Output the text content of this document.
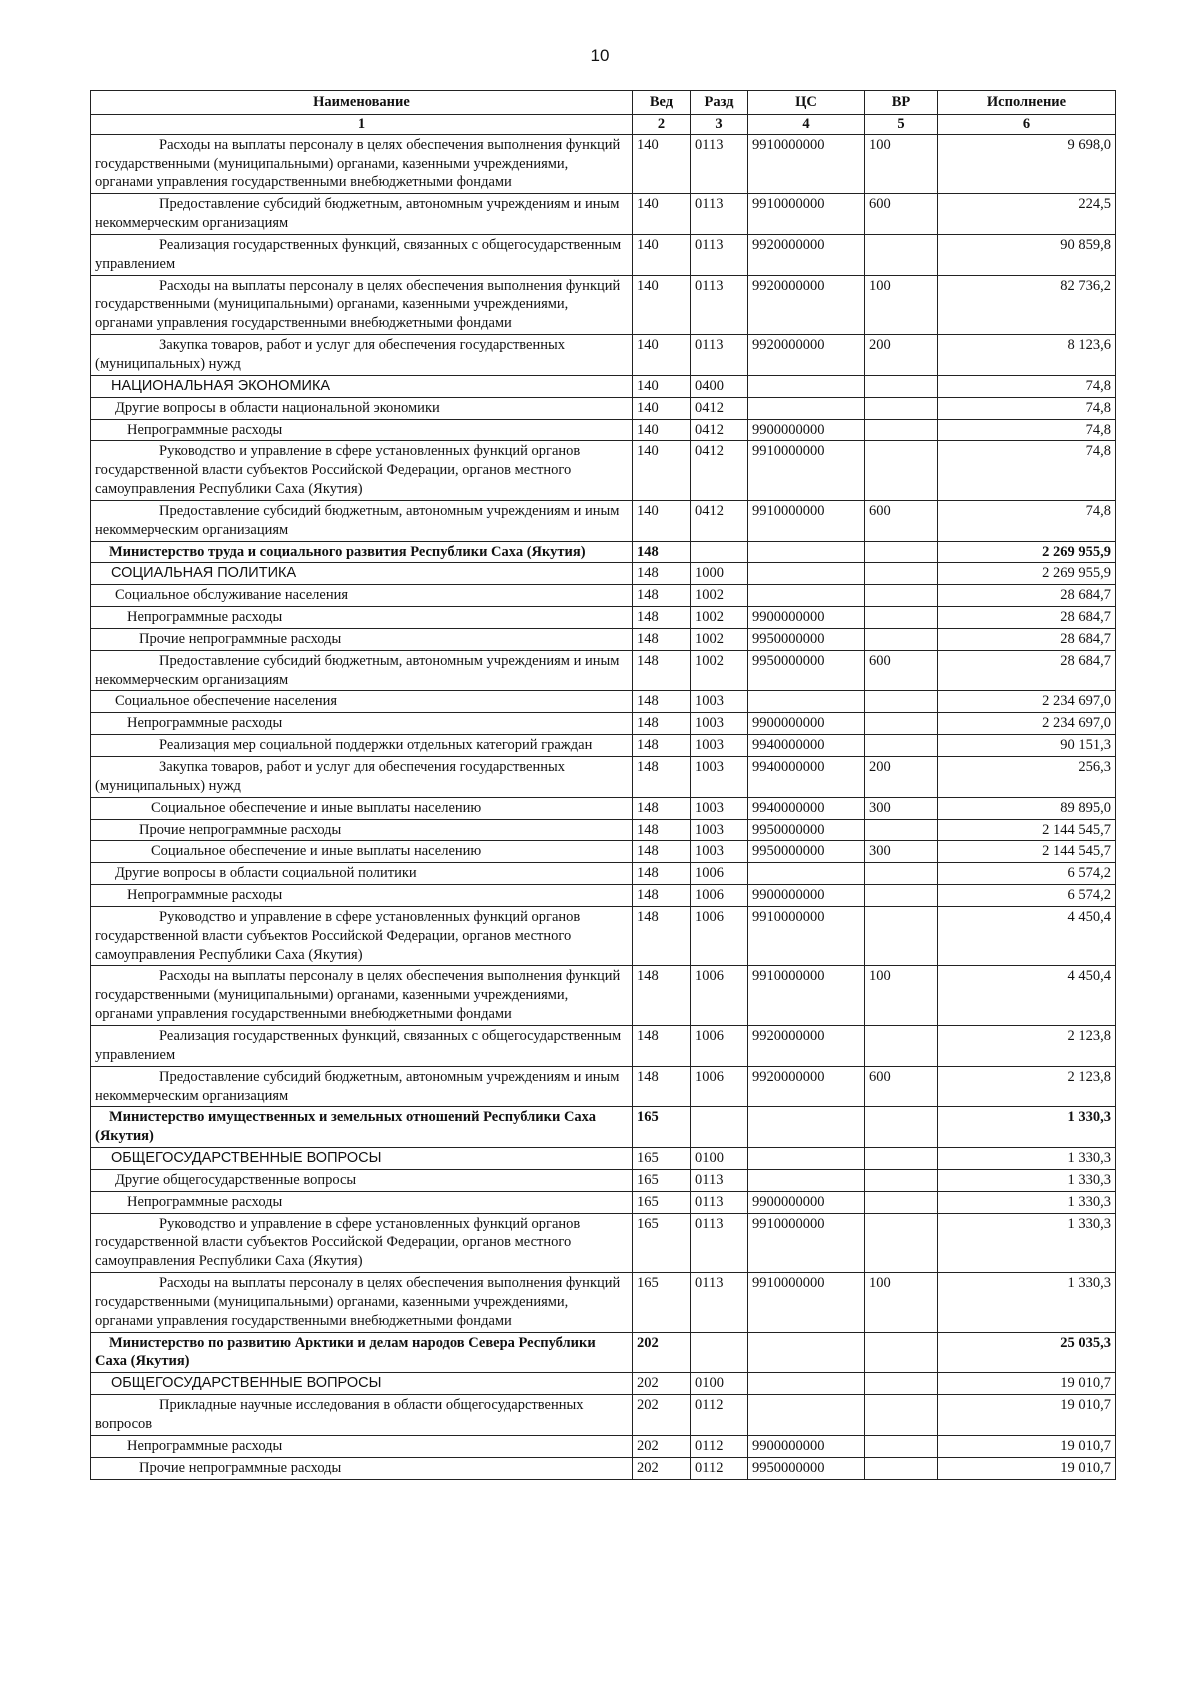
10
Наименование	Вед	Разд	ЦС	ВР	Исполнение
1	2	3	4	5	6
Расходы на выплаты персоналу в целях обеспечения выполнения функций государственными (муниципальными) органами, казенными учреждениями, органами управления государственными внебюджетными фондами	140	0113	9910000000	100	9 698,0
Предоставление субсидий бюджетным, автономным учреждениям и иным некоммерческим организациям	140	0113	9910000000	600	224,5
Реализация государственных функций, связанных с общегосударственным управлением	140	0113	9920000000		90 859,8
Расходы на выплаты персоналу в целях обеспечения выполнения функций государственными (муниципальными) органами, казенными учреждениями, органами управления государственными внебюджетными фондами	140	0113	9920000000	100	82 736,2
Закупка товаров, работ и услуг для обеспечения государственных (муниципальных) нужд	140	0113	9920000000	200	8 123,6
НАЦИОНАЛЬНАЯ ЭКОНОМИКА	140	0400			74,8
Другие вопросы в области национальной экономики	140	0412			74,8
Непрограммные расходы	140	0412	9900000000		74,8
Руководство и управление в сфере установленных функций органов государственной власти субъектов Российской Федерации, органов местного самоуправления Республики Саха (Якутия)	140	0412	9910000000		74,8
Предоставление субсидий бюджетным, автономным учреждениям и иным некоммерческим организациям	140	0412	9910000000	600	74,8
Министерство труда и социального развития Республики Саха (Якутия)	148				2 269 955,9
СОЦИАЛЬНАЯ ПОЛИТИКА	148	1000			2 269 955,9
Социальное обслуживание населения	148	1002			28 684,7
Непрограммные расходы	148	1002	9900000000		28 684,7
Прочие непрограммные расходы	148	1002	9950000000		28 684,7
Предоставление субсидий бюджетным, автономным учреждениям и иным некоммерческим организациям	148	1002	9950000000	600	28 684,7
Социальное обеспечение населения	148	1003			2 234 697,0
Непрограммные расходы	148	1003	9900000000		2 234 697,0
Реализация мер социальной поддержки отдельных категорий граждан	148	1003	9940000000		90 151,3
Закупка товаров, работ и услуг для обеспечения государственных (муниципальных) нужд	148	1003	9940000000	200	256,3
Социальное обеспечение и иные выплаты населению	148	1003	9940000000	300	89 895,0
Прочие непрограммные расходы	148	1003	9950000000		2 144 545,7
Социальное обеспечение и иные выплаты населению	148	1003	9950000000	300	2 144 545,7
Другие вопросы в области социальной политики	148	1006			6 574,2
Непрограммные расходы	148	1006	9900000000		6 574,2
Руководство и управление в сфере установленных функций органов государственной власти субъектов Российской Федерации, органов местного самоуправления Республики Саха (Якутия)	148	1006	9910000000		4 450,4
Расходы на выплаты персоналу в целях обеспечения выполнения функций государственными (муниципальными) органами, казенными учреждениями, органами управления государственными внебюджетными фондами	148	1006	9910000000	100	4 450,4
Реализация государственных функций, связанных с общегосударственным управлением	148	1006	9920000000		2 123,8
Предоставление субсидий бюджетным, автономным учреждениям и иным некоммерческим организациям	148	1006	9920000000	600	2 123,8
Министерство имущественных и земельных отношений Республики Саха (Якутия)	165				1 330,3
ОБЩЕГОСУДАРСТВЕННЫЕ ВОПРОСЫ	165	0100			1 330,3
Другие общегосударственные вопросы	165	0113			1 330,3
Непрограммные расходы	165	0113	9900000000		1 330,3
Руководство и управление в сфере установленных функций органов государственной власти субъектов Российской Федерации, органов местного самоуправления Республики Саха (Якутия)	165	0113	9910000000		1 330,3
Расходы на выплаты персоналу в целях обеспечения выполнения функций государственными (муниципальными) органами, казенными учреждениями, органами управления государственными внебюджетными фондами	165	0113	9910000000	100	1 330,3
Министерство по развитию Арктики и делам народов Севера Республики Саха (Якутия)	202				25 035,3
ОБЩЕГОСУДАРСТВЕННЫЕ ВОПРОСЫ	202	0100			19 010,7
Прикладные научные исследования в области общегосударственных вопросов	202	0112			19 010,7
Непрограммные расходы	202	0112	9900000000		19 010,7
Прочие непрограммные расходы	202	0112	9950000000		19 010,7
